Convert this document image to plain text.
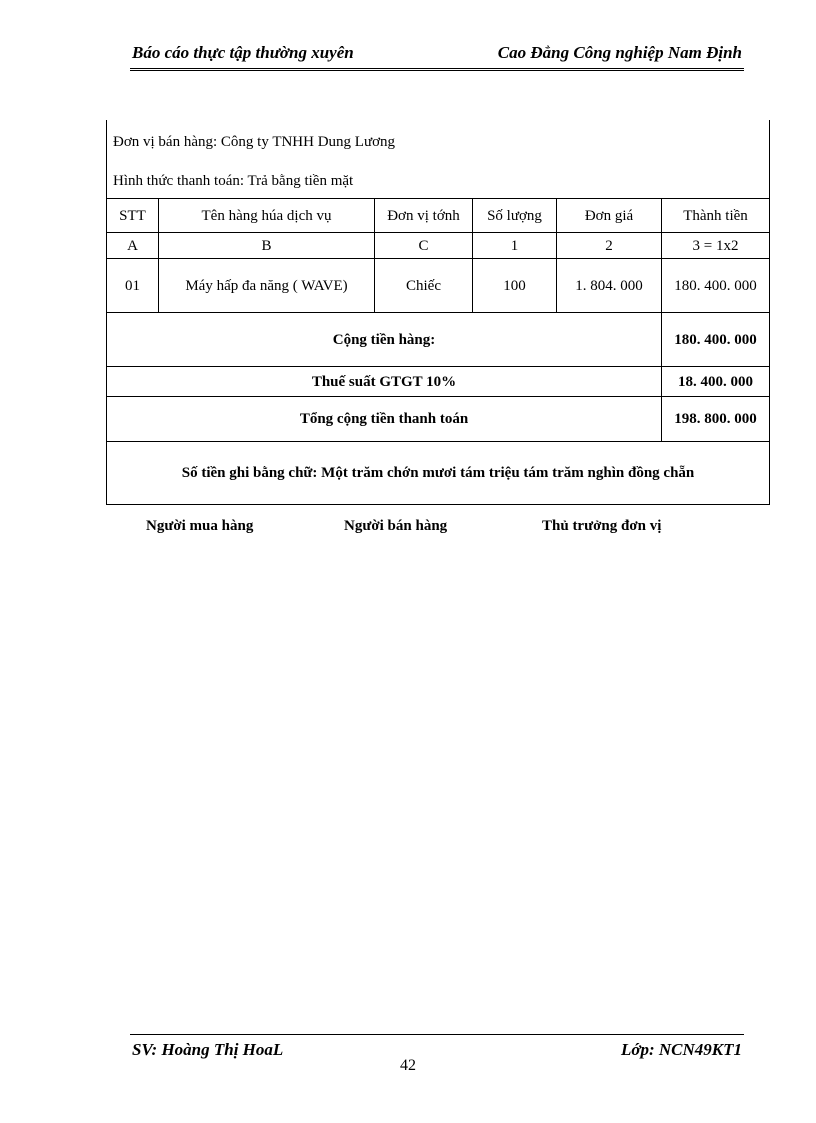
Báo cáo thực tập thường xuyên	Cao Đẳng Công nghiệp Nam Định
Đơn vị bán hàng: Công ty TNHH Dung Lương
Hình thức thanh toán: Trả bằng tiền mặt					

STT	Tên hàng húa dịch vụ	Đơn vị tớnh	Số lượng	Đơn giá	Thành tiền
A	B	C	1	2	3 = 1x2
01	Máy hấp đa năng ( WAVE)	Chiếc	100	1. 804. 000	180. 400. 000
Cộng tiền hàng:					180. 400. 000
Thuế suất GTGT 10%					18. 400. 000
Tổng cộng tiền thanh toán					198. 800. 000
Số tiền ghi bằng chữ: Một trăm chớn mươi tám triệu tám trăm nghìn đồng chẵn					
Người mua hàng	Người bán hàng	Thủ trưởng đơn vị
SV: Hoàng Thị HoaL	Lớp: NCN49KT1
42
